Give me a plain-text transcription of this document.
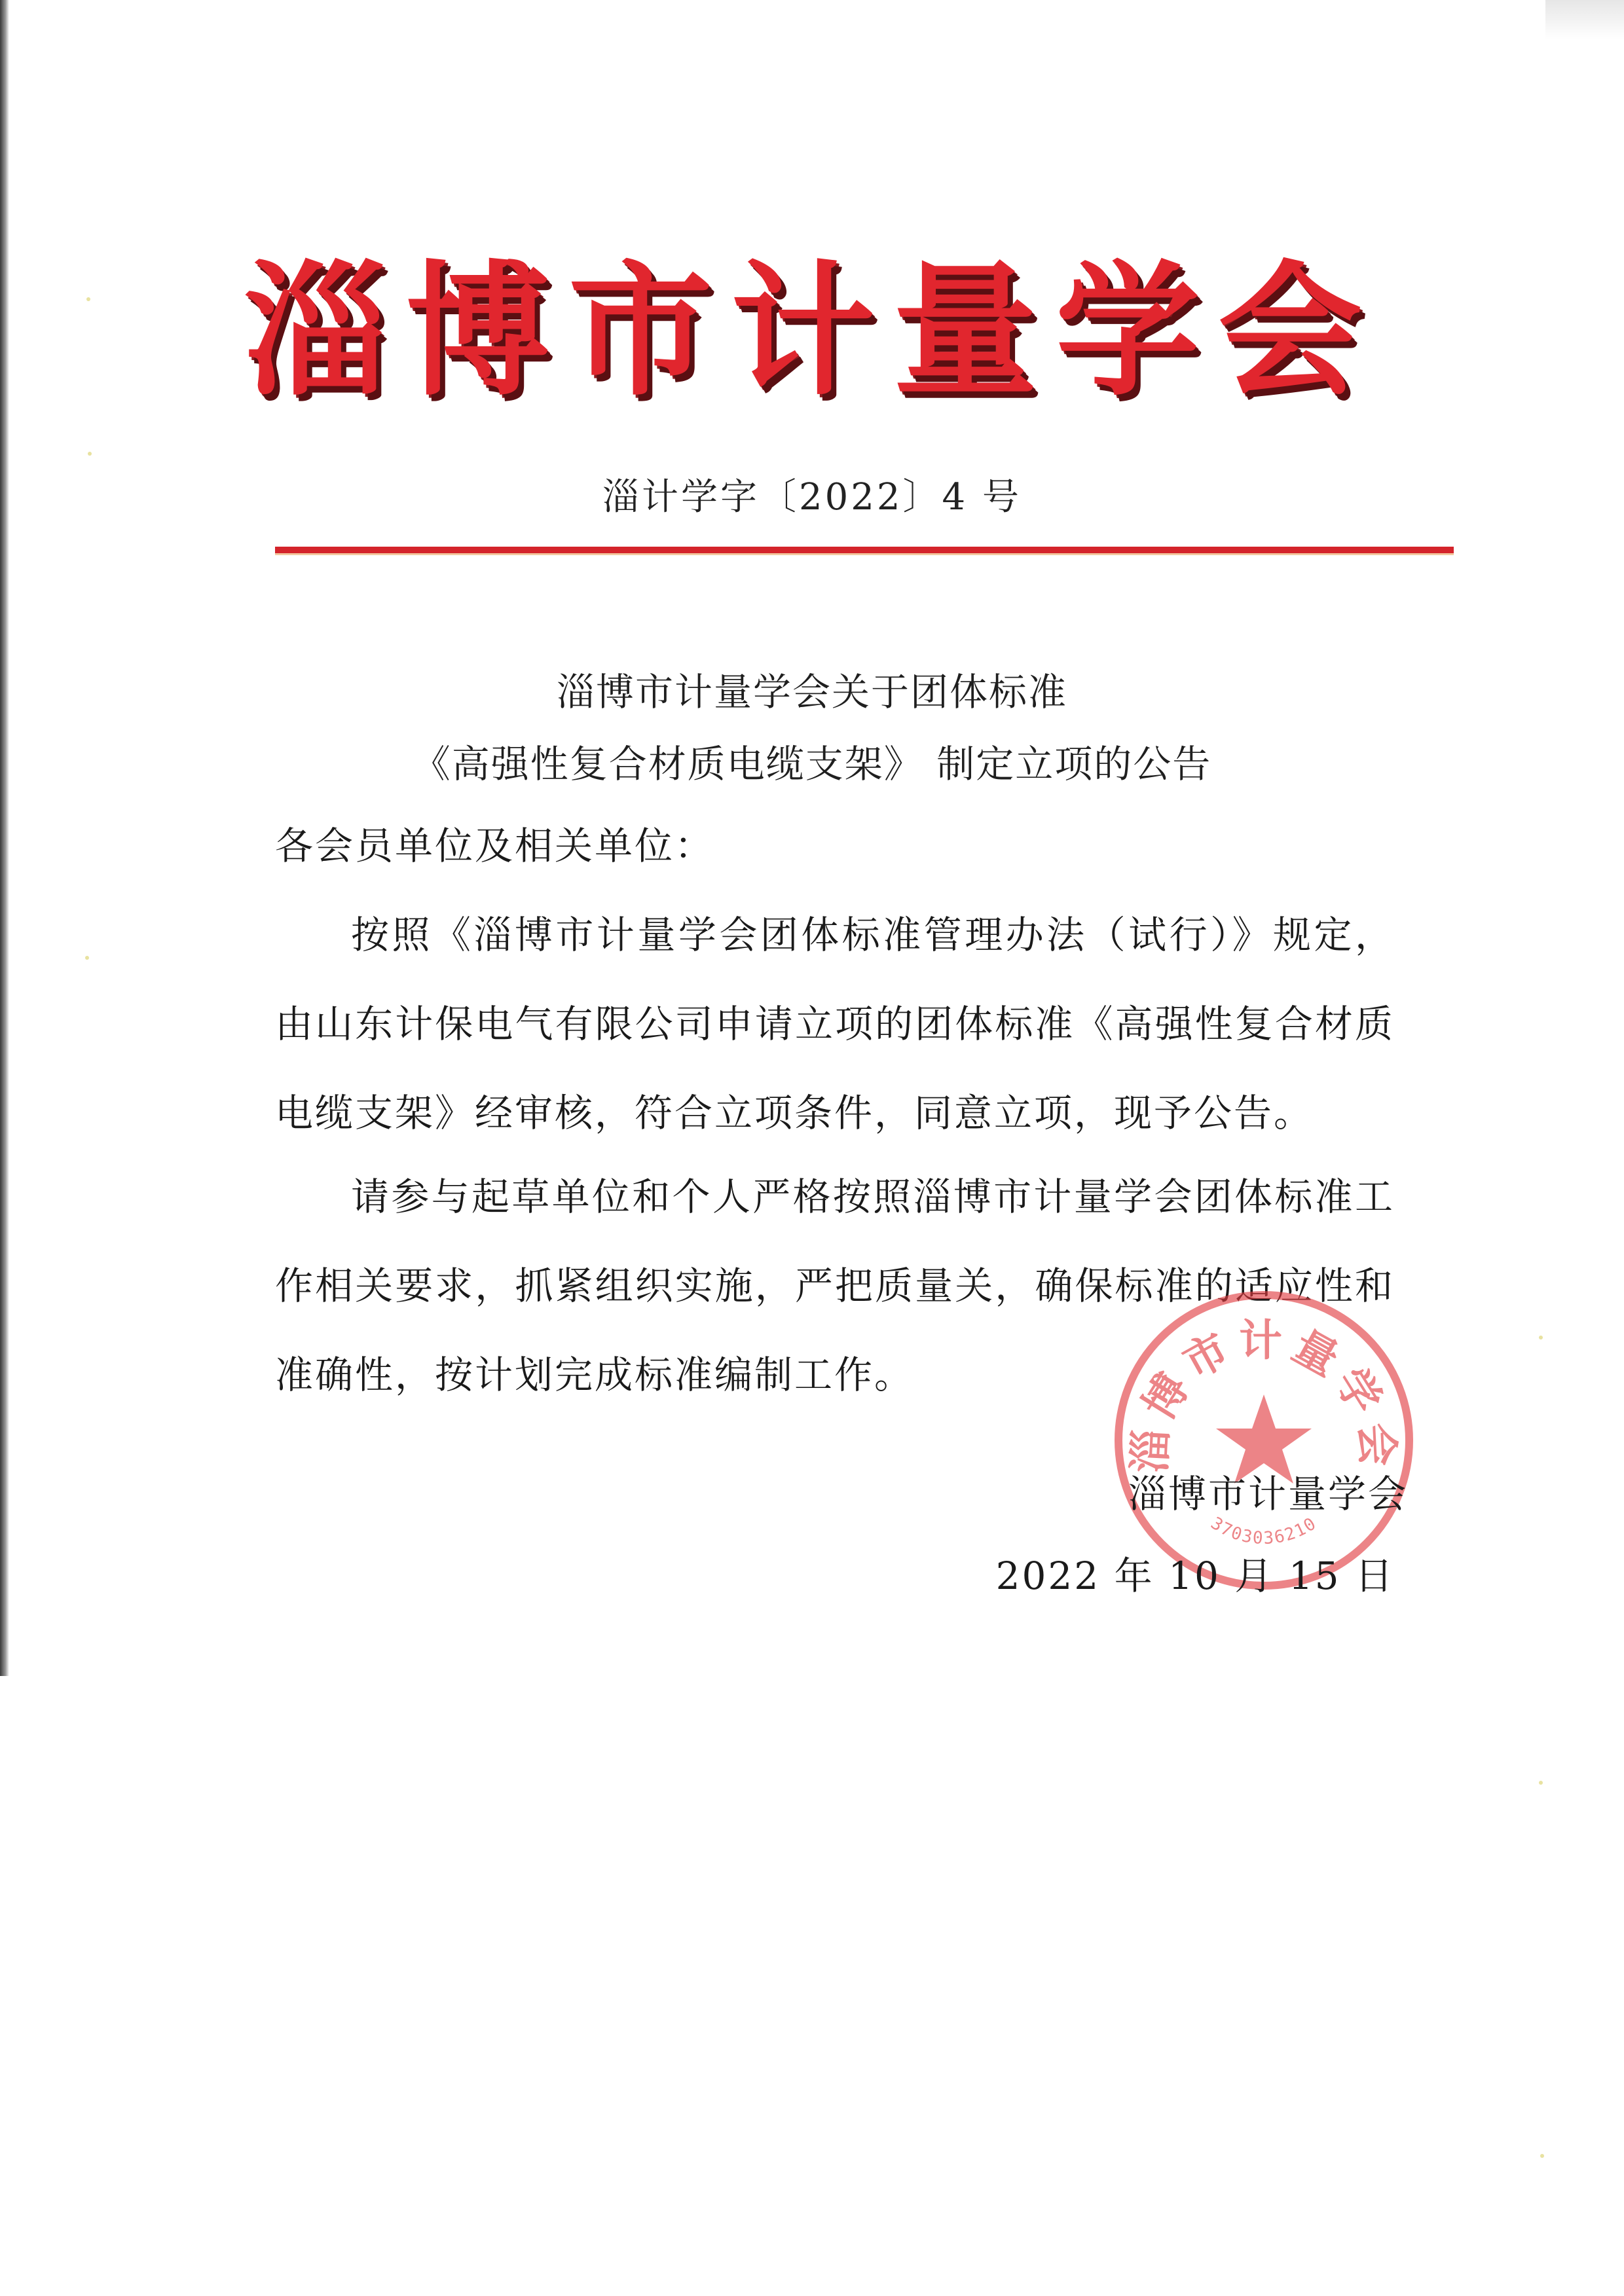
淄博市计量学会
淄计学字〔2022〕4 号
淄博市计量学会关于团体标准
《高强性复合材质电缆支架》 制定立项的公告
各会员单位及相关单位：
按照《淄博市计量学会团体标准管理办法（试行）》规定，由山东计保电气有限公司申请立项的团体标准《高强性复合材质电缆支架》经审核，符合立项条件，同意立项，现予公告。
请参与起草单位和个人严格按照淄博市计量学会团体标准工作相关要求，抓紧组织实施，严把质量关，确保标准的适应性和准确性，按计划完成标准编制工作。
淄博市计量学会
3703036210
淄博市计量学会
2022 年 10 月 15 日
